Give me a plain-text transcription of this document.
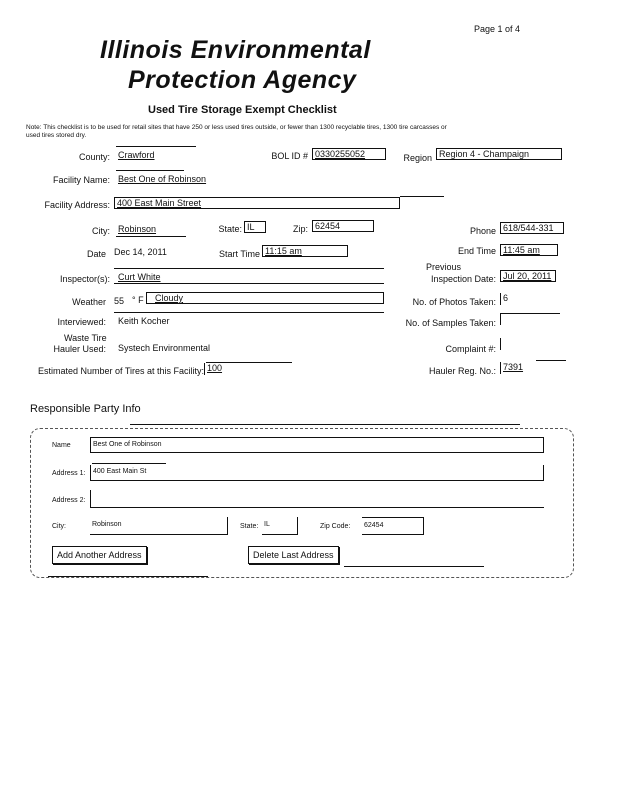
Page 1 of 4
Illinois Environmental
Protection Agency
Used Tire Storage Exempt Checklist
Note: This checklist is to be used for retail sites that have 250 or less used tires outside, or fewer than 1300 recyclable tires, 1300 tire carcasses or
used tires stored dry.
County: Crawford	BOL ID # 0330255052	Region Region 4 - Champaign
Facility Name: Best One of Robinson
Facility Address: 400 East Main Street
City: Robinson	State: IL	Zip: 62454	Phone 618/544-331
Date Dec 14, 2011	Start Time 11:15 am	End Time 11:45 am
Inspector(s): Curt White
Previous
Inspection Date: Jul 20, 2011
Weather 55 ° F	Cloudy	No. of Photos Taken: 6
Interviewed: Keith Kocher	No. of Samples Taken:
Waste Tire
Hauler Used: Systech Environmental	Complaint #:
Estimated Number of Tires at this Facility: 100	Hauler Reg. No.: 7391
Responsible Party Info
Name	Best One of Robinson
Address 1:	400 East Main St
Address 2:
City:	Robinson	State: IL	Zip Code: 62454
Add Another Address	Delete Last Address
